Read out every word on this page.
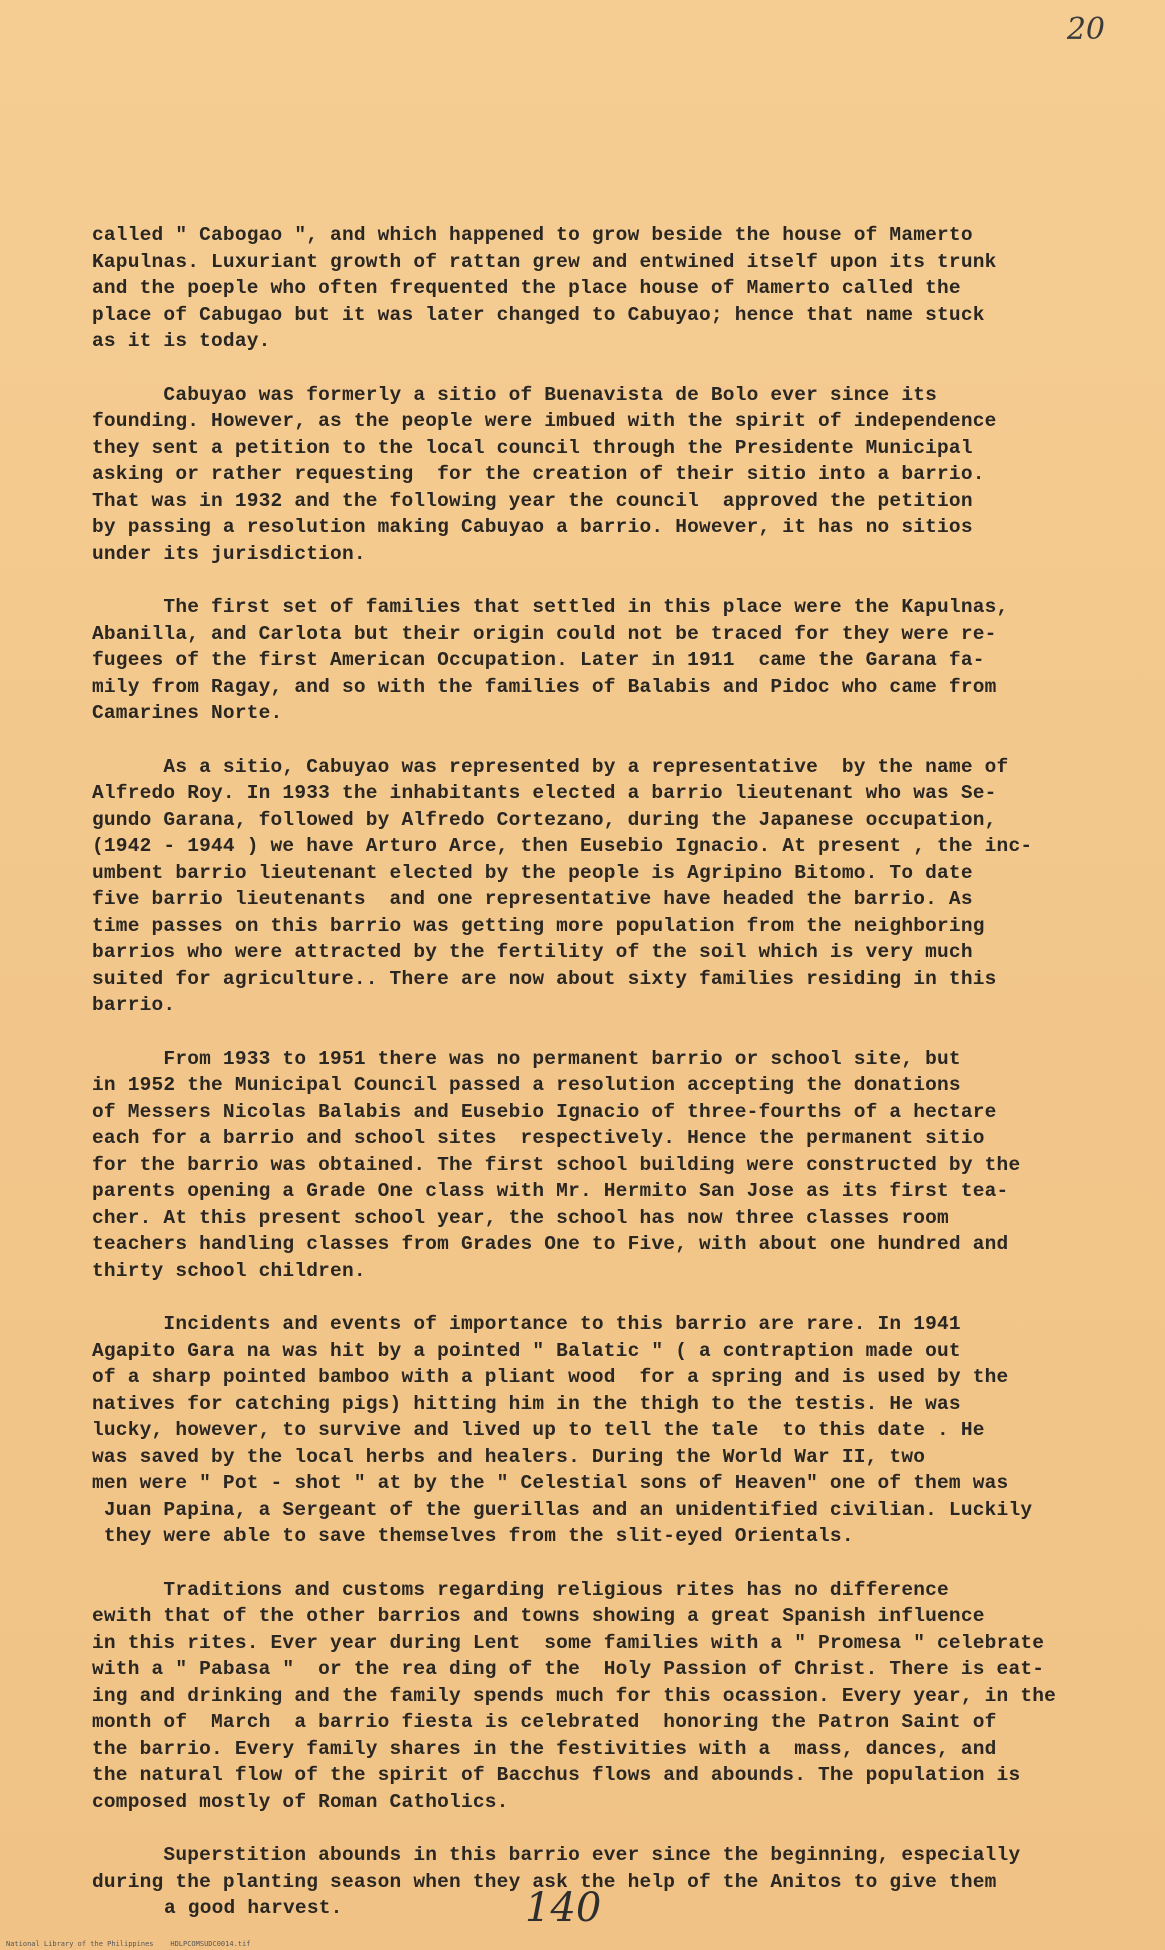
20

called " Cabogao ", and which happened to grow beside the house of Mamerto
Kapulnas. Luxuriant growth of rattan grew and entwined itself upon its trunk
and the poeple who often frequented the place house of Mamerto called the
place of Cabugao but it was later changed to Cabuyao; hence that name stuck
as it is today.

Cabuyao was formerly a sitio of Buenavista de Bolo ever since its
founding. However, as the people were imbued with the spirit of independence
they sent a petition to the local council through the Presidente Municipal
asking or rather requesting  for the creation of their sitio into a barrio.
That was in 1932 and the following year the council  approved the petition
by passing a resolution making Cabuyao a barrio. However, it has no sitios
under its jurisdiction.

The first set of families that settled in this place were the Kapulnas,
Abanilla, and Carlota but their origin could not be traced for they were re-
fugees of the first American Occupation. Later in 1911  came the Garana fa-
mily from Ragay, and so with the families of Balabis and Pidoc who came from
Camarines Norte.

As a sitio, Cabuyao was represented by a representative  by the name of
Alfredo Roy. In 1933 the inhabitants elected a barrio lieutenant who was Se-
gundo Garana, followed by Alfredo Cortezano, during the Japanese occupation,
(1942 - 1944 ) we have Arturo Arce, then Eusebio Ignacio. At present , the inc-
umbent barrio lieutenant elected by the people is Agripino Bitomo. To date
five barrio lieutenants  and one representative have headed the barrio. As
time passes on this barrio was getting more population from the neighboring
barrios who were attracted by the fertility of the soil which is very much
suited for agriculture.. There are now about sixty families residing in this
barrio.

From 1933 to 1951 there was no permanent barrio or school site, but
in 1952 the Municipal Council passed a resolution accepting the donations
of Messers Nicolas Balabis and Eusebio Ignacio of three-fourths of a hectare
each for a barrio and school sites  respectively. Hence the permanent sitio
for the barrio was obtained. The first school building were constructed by the
parents opening a Grade One class with Mr. Hermito San Jose as its first tea-
cher. At this present school year, the school has now three classes room
teachers handling classes from Grades One to Five, with about one hundred and
thirty school children.

Incidents and events of importance to this barrio are rare. In 1941
Agapito Gara na was hit by a pointed " Balatic " ( a contraption made out
of a sharp pointed bamboo with a pliant wood  for a spring and is used by the
natives for catching pigs) hitting him in the thigh to the testis. He was
lucky, however, to survive and lived up to tell the tale  to this date . He
was saved by the local herbs and healers. During the World War II, two
men were " Pot - shot " at by the " Celestial sons of Heaven" one of them was
Juan Papina, a Sergeant of the guerillas and an unidentified civilian. Luckily
they were able to save themselves from the slit-eyed Orientals.

Traditions and customs regarding religious rites has no difference
ewith that of the other barrios and towns showing a great Spanish influence
in this rites. Ever year during Lent  some families with a " Promesa " celebrate
with a " Pabasa "  or the rea ding of the  Holy Passion of Christ. There is eat-
ing and drinking and the family spends much for this ocassion. Every year, in the
month of  March  a barrio fiesta is celebrated  honoring the Patron Saint of
the barrio. Every family shares in the festivities with a  mass, dances, and
the natural flow of the spirit of Bacchus flows and abounds. The population is
composed mostly of Roman Catholics.

Superstition abounds in this barrio ever since the beginning, especially
during the planting season when they ask the help of the Anitos to give them
a good harvest.	140
National Library of the Philippines    HDLPCOMSUDC0014.tif
